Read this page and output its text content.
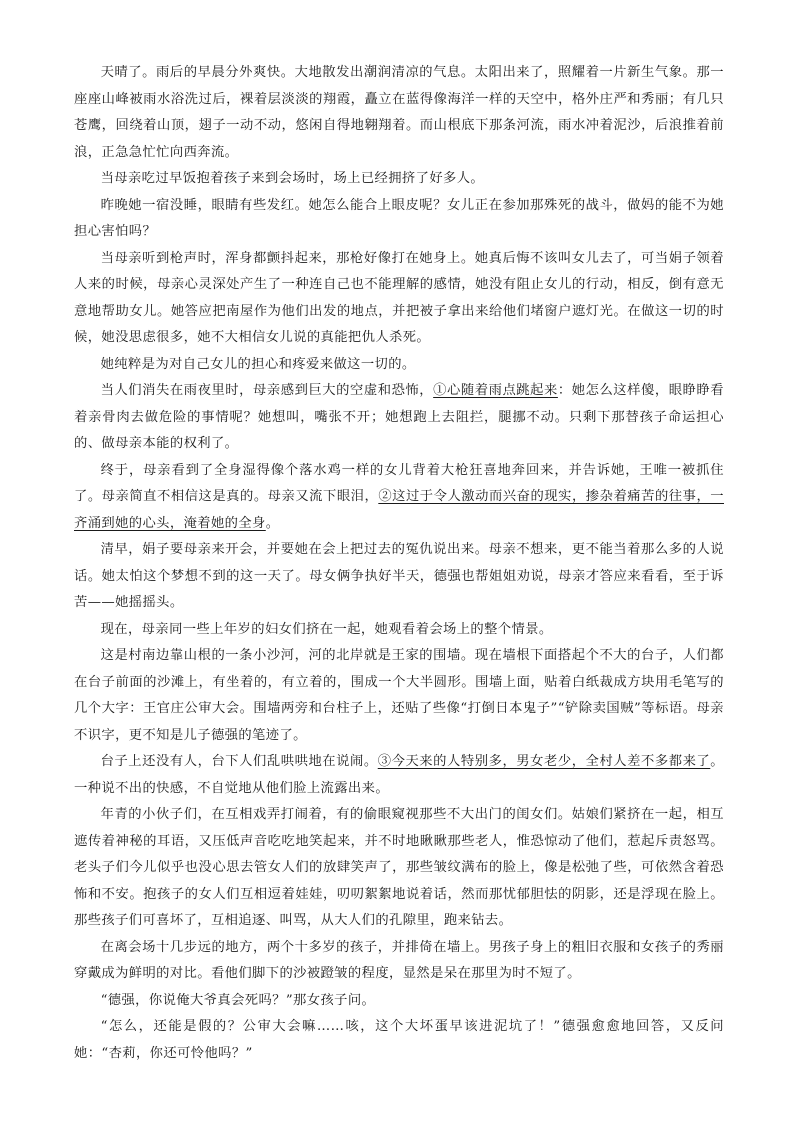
天晴了。雨后的早晨分外爽快。大地散发出潮润清凉的气息。太阳出来了，照耀着一片新生气象。那一座座山峰被雨水浴洗过后，裸着层淡淡的翔霞，矗立在蓝得像海洋一样的天空中，格外庄严和秀丽；有几只苍鹰，回绕着山顶，翅子一动不动，悠闲自得地翱翔着。而山根底下那条河流，雨水冲着泥沙，后浪推着前浪，正急急忙忙向西奔流。

当母亲吃过早饭抱着孩子来到会场时，场上已经拥挤了好多人。

昨晚她一宿没睡，眼睛有些发红。她怎么能合上眼皮呢？女儿正在参加那殊死的战斗，做妈的能不为她担心害怕吗？

当母亲听到枪声时，浑身都颤抖起来，那枪好像打在她身上。她真后悔不该叫女儿去了，可当娟子领着人来的时候，母亲心灵深处产生了一种连自己也不能理解的感情，她没有阻止女儿的行动，相反，倒有意无意地帮助女儿。她答应把南屋作为他们出发的地点，并把被子拿出来给他们堵窗户遮灯光。在做这一切的时候，她没思虑很多，她不大相信女儿说的真能把仇人杀死。

她纯粹是为对自己女儿的担心和疼爱来做这一切的。

当人们消失在雨夜里时，母亲感到巨大的空虚和恐怖，①心随着雨点跳起来：她怎么这样傻，眼睁睁看着亲骨肉去做危险的事情呢？她想叫，嘴张不开；她想跑上去阻拦，腿挪不动。只剩下那替孩子命运担心的、做母亲本能的权利了。

终于，母亲看到了全身湿得像个落水鸡一样的女儿背着大枪狂喜地奔回来，并告诉她，王唯一被抓住了。母亲简直不相信这是真的。母亲又流下眼泪，②这过于令人激动而兴奋的现实，掺杂着痛苦的往事，一齐涌到她的心头，淹着她的全身。

清早，娟子要母亲来开会，并要她在会上把过去的冤仇说出来。母亲不想来，更不能当着那么多的人说话。她太怕这个梦想不到的这一天了。母女俩争执好半天，德强也帮姐姐劝说，母亲才答应来看看，至于诉苦——她摇摇头。

现在，母亲同一些上年岁的妇女们挤在一起，她观看着会场上的整个情景。

这是村南边靠山根的一条小沙河，河的北岸就是王家的围墙。现在墙根下面搭起个不大的台子，人们都在台子前面的沙滩上，有坐着的，有立着的，围成一个大半圆形。围墙上面，贴着白纸裁成方块用毛笔写的几个大字：王官庄公审大会。围墙两旁和台柱子上，还贴了些像“打倒日本鬼子”“铲除卖国贼”等标语。母亲不识字，更不知是儿子德强的笔迹了。

台子上还没有人，台下人们乱哄哄地在说闹。③今天来的人特别多，男女老少，全村人差不多都来了。一种说不出的快感，不自觉地从他们脸上流露出来。

年青的小伙子们，在互相戏弄打闹着，有的偷眼窥视那些不大出门的闺女们。姑娘们紧挤在一起，相互遮传着神秘的耳语，又压低声音吃吃地笑起来，并不时地瞅瞅那些老人，惟恐惊动了他们，惹起斥责怒骂。老头子们今儿似乎也没心思去管女人们的放肆笑声了，那些皱纹满布的脸上，像是松弛了些，可依然含着恐怖和不安。抱孩子的女人们互相逗着娃娃，叨叨絮絮地说着话，然而那忧郁胆怯的阴影，还是浮现在脸上。那些孩子们可喜坏了，互相追逐、叫骂，从大人们的孔隙里，跑来钻去。

在离会场十几步远的地方，两个十多岁的孩子，并排倚在墙上。男孩子身上的粗旧衣服和女孩子的秀丽穿戴成为鲜明的对比。看他们脚下的沙被蹬皱的程度，显然是呆在那里为时不短了。

“德强，你说俺大爷真会死吗？”那女孩子问。

“怎么，还能是假的？公审大会嘛……咳，这个大坏蛋早该进泥坑了！”德强愈愈地回答，又反问她：“杏莉，你还可怜他吗？”
